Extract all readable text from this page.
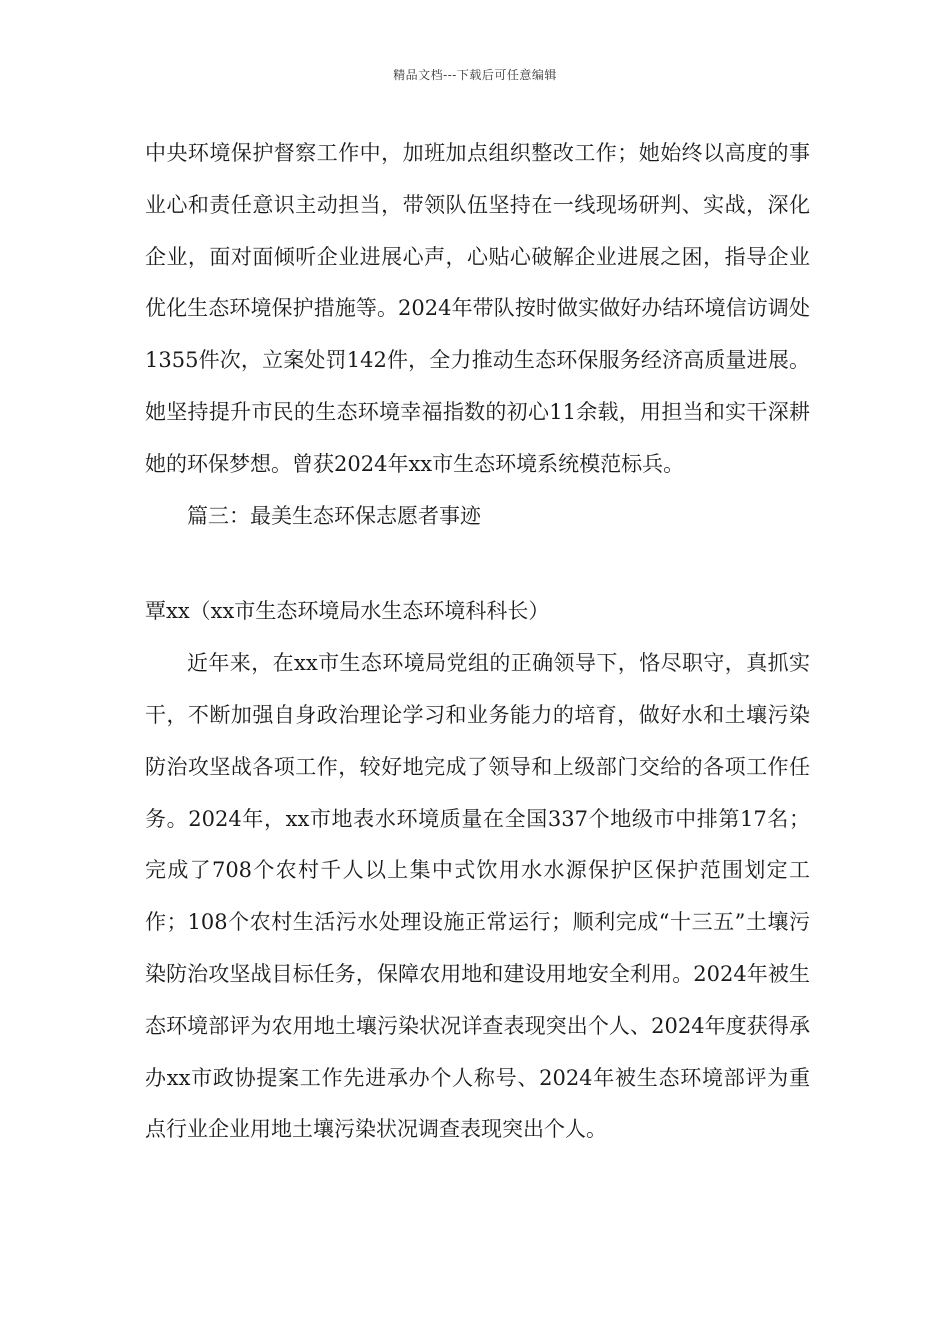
精品文档---下载后可任意编辑

中央环境保护督察工作中，加班加点组织整改工作；她始终以高度的事业心和责任意识主动担当，带领队伍坚持在一线现场研判、实战，深化企业，面对面倾听企业进展心声，心贴心破解企业进展之困，指导企业优化生态环境保护措施等。2024年带队按时做实做好办结环境信访调处1355件次，立案处罚142件，全力推动生态环保服务经济高质量进展。她坚持提升市民的生态环境幸福指数的初心11余载，用担当和实干深耕她的环保梦想。曾获2024年xx市生态环境系统模范标兵。

篇三：最美生态环保志愿者事迹

覃xx（xx市生态环境局水生态环境科科长）

近年来，在xx市生态环境局党组的正确领导下，恪尽职守，真抓实干，不断加强自身政治理论学习和业务能力的培育，做好水和土壤污染防治攻坚战各项工作，较好地完成了领导和上级部门交给的各项工作任务。2024年，xx市地表水环境质量在全国337个地级市中排第17名；完成了708个农村千人以上集中式饮用水水源保护区保护范围划定工作；108个农村生活污水处理设施正常运行；顺利完成“十三五”土壤污染防治攻坚战目标任务，保障农用地和建设用地安全利用。2024年被生态环境部评为农用地土壤污染状况详查表现突出个人、2024年度获得承办xx市政协提案工作先进承办个人称号、2024年被生态环境部评为重点行业企业用地土壤污染状况调查表现突出个人。
